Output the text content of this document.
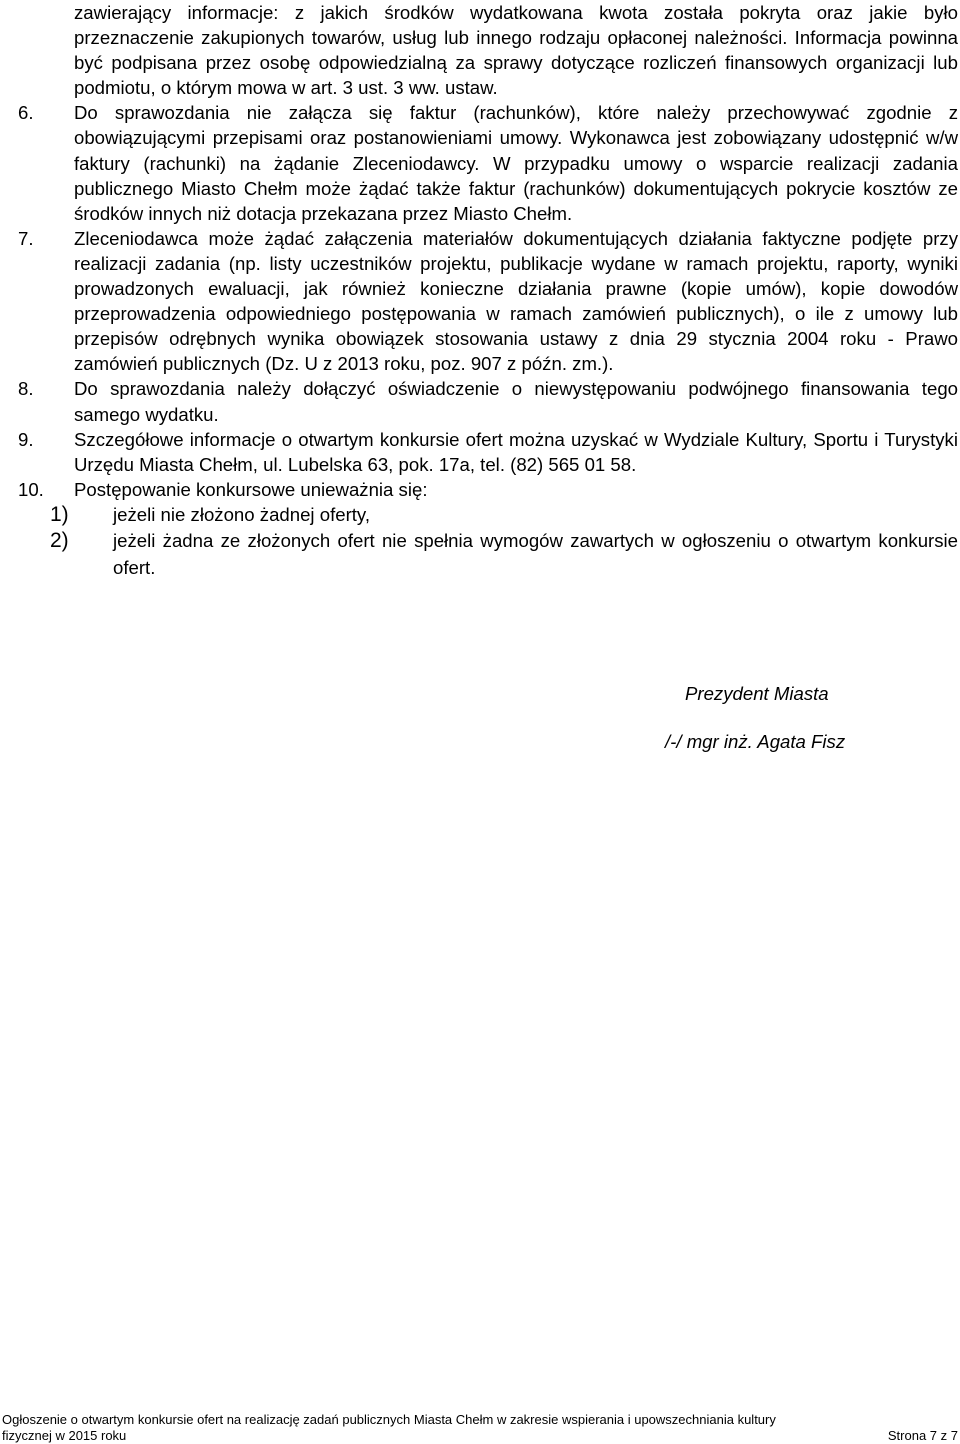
zawierający informacje: z jakich środków wydatkowana kwota została pokryta oraz jakie było przeznaczenie zakupionych towarów, usług lub innego rodzaju opłaconej należności. Informacja powinna być podpisana przez osobę odpowiedzialną za sprawy dotyczące rozliczeń finansowych organizacji lub podmiotu, o którym mowa w art. 3 ust. 3 ww. ustaw.
6. Do sprawozdania nie załącza się faktur (rachunków), które należy przechowywać zgodnie z obowiązującymi przepisami oraz postanowieniami umowy. Wykonawca jest zobowiązany udostępnić w/w faktury (rachunki) na żądanie Zleceniodawcy. W przypadku umowy o wsparcie realizacji zadania publicznego Miasto Chełm może żądać także faktur (rachunków) dokumentujących pokrycie kosztów ze środków innych niż dotacja przekazana przez Miasto Chełm.
7. Zleceniodawca może żądać załączenia materiałów dokumentujących działania faktyczne podjęte przy realizacji zadania (np. listy uczestników projektu, publikacje wydane w ramach projektu, raporty, wyniki prowadzonych ewaluacji, jak również konieczne działania prawne (kopie umów), kopie dowodów przeprowadzenia odpowiedniego postępowania w ramach zamówień publicznych), o ile z umowy lub przepisów odrębnych wynika obowiązek stosowania ustawy z dnia 29 stycznia 2004 roku - Prawo zamówień publicznych (Dz. U z 2013 roku, poz. 907 z późn. zm.).
8. Do sprawozdania należy dołączyć oświadczenie o niewystępowaniu podwójnego finansowania tego samego wydatku.
9. Szczegółowe informacje o otwartym konkursie ofert można uzyskać w Wydziale Kultury, Sportu i Turystyki Urzędu Miasta Chełm, ul. Lubelska 63, pok. 17a, tel. (82) 565 01 58.
10. Postępowanie konkursowe unieważnia się:
1) jeżeli nie złożono żadnej oferty,
2) jeżeli żadna ze złożonych ofert nie spełnia wymogów zawartych w ogłoszeniu o otwartym konkursie ofert.
Prezydent Miasta
/-/ mgr inż. Agata Fisz
Ogłoszenie o otwartym konkursie ofert na realizację zadań publicznych Miasta Chełm w zakresie wspierania i upowszechniania kultury
fizycznej w 2015 roku	Strona 7 z 7
